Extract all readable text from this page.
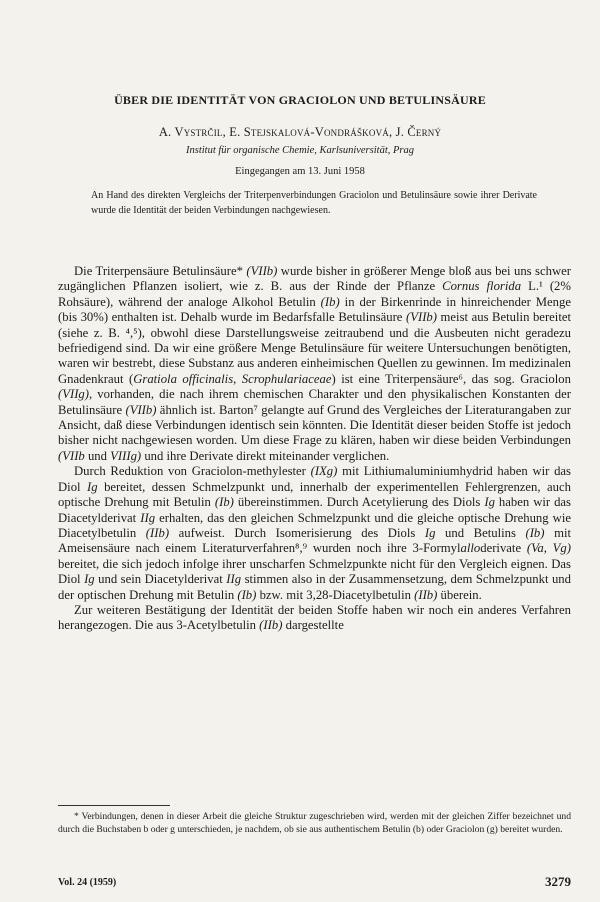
ÜBER DIE IDENTITÄT VON GRACIOLON UND BETULINSÄURE
A. Vystrčil, E. Stejskalová-Vondrášková, J. Černý
Institut für organische Chemie, Karlsuniversität, Prag
Eingegangen am 13. Juni 1958
An Hand des direkten Vergleichs der Triterpenverbindungen Graciolon und Betulinsäure sowie ihrer Derivate wurde die Identität der beiden Verbindungen nachgewiesen.

Die Triterpensäure Betulinsäure* (VIIb) wurde bisher in größerer Menge bloß aus bei uns schwer zugänglichen Pflanzen isoliert, wie z. B. aus der Rinde der Pflanze Cornus florida L.¹ (2% Rohsäure), während der analoge Alkohol Betulin (Ib) in der Birkenrinde in hinreichender Menge (bis 30%) enthalten ist. Dehalb wurde im Bedarfsfalle Betulinsäure (VIIb) meist aus Betulin bereitet (siehe z. B. ⁴,⁵), obwohl diese Darstellungsweise zeitraubend und die Ausbeuten nicht geradezu befriedigend sind. Da wir eine größere Menge Betulinsäure für weitere Untersuchungen benötigten, waren wir bestrebt, diese Substanz aus anderen einheimischen Quellen zu gewinnen. Im medizinalen Gnadenkraut (Gratiola officinalis, Scrophulariaceae) ist eine Triterpensäure⁶, das sog. Graciolon (VIIg), vorhanden, die nach ihrem chemischen Charakter und den physikalischen Konstanten der Betulinsäure (VIIb) ähnlich ist. Barton⁷ gelangte auf Grund des Vergleiches der Literaturangaben zur Ansicht, daß diese Verbindungen identisch sein könnten. Die Identität dieser beiden Stoffe ist jedoch bisher nicht nachgewiesen worden. Um diese Frage zu klären, haben wir diese beiden Verbindungen (VIIb und VIIIg) und ihre Derivate direkt miteinander verglichen.

Durch Reduktion von Graciolon-methylester (IXg) mit Lithiumaluminiumhydrid haben wir das Diol Ig bereitet, dessen Schmelzpunkt und, innerhalb der experimentellen Fehlergrenzen, auch optische Drehung mit Betulin (Ib) übereinstimmen. Durch Acetylierung des Diols Ig haben wir das Diacetylderivat IIg erhalten, das den gleichen Schmelzpunkt und die gleiche optische Drehung wie Diacetylbetulin (IIb) aufweist. Durch Isomerisierung des Diols Ig und Betulins (Ib) mit Ameisensäure nach einem Literaturverfahren⁸,⁹ wurden noch ihre 3-Formylalloderivate (Va, Vg) bereitet, die sich jedoch infolge ihrer unscharfen Schmelzpunkte nicht für den Vergleich eignen. Das Diol Ig und sein Diacetylderivat IIg stimmen also in der Zusammensetzung, dem Schmelzpunkt und der optischen Drehung mit Betulin (Ib) bzw. mit 3,28-Diacetylbetulin (IIb) überein.

Zur weiteren Bestätigung der Identität der beiden Stoffe haben wir noch ein anderes Verfahren herangezogen. Die aus 3-Acetylbetulin (IIb) dargestellte

* Verbindungen, denen in dieser Arbeit die gleiche Struktur zugeschrieben wird, werden mit der gleichen Ziffer bezeichnet und durch die Buchstaben b oder g unterschieden, je nachdem, ob sie aus authentischem Betulin (b) oder Graciolon (g) bereitet wurden.
Vol. 24 (1959)	3279
